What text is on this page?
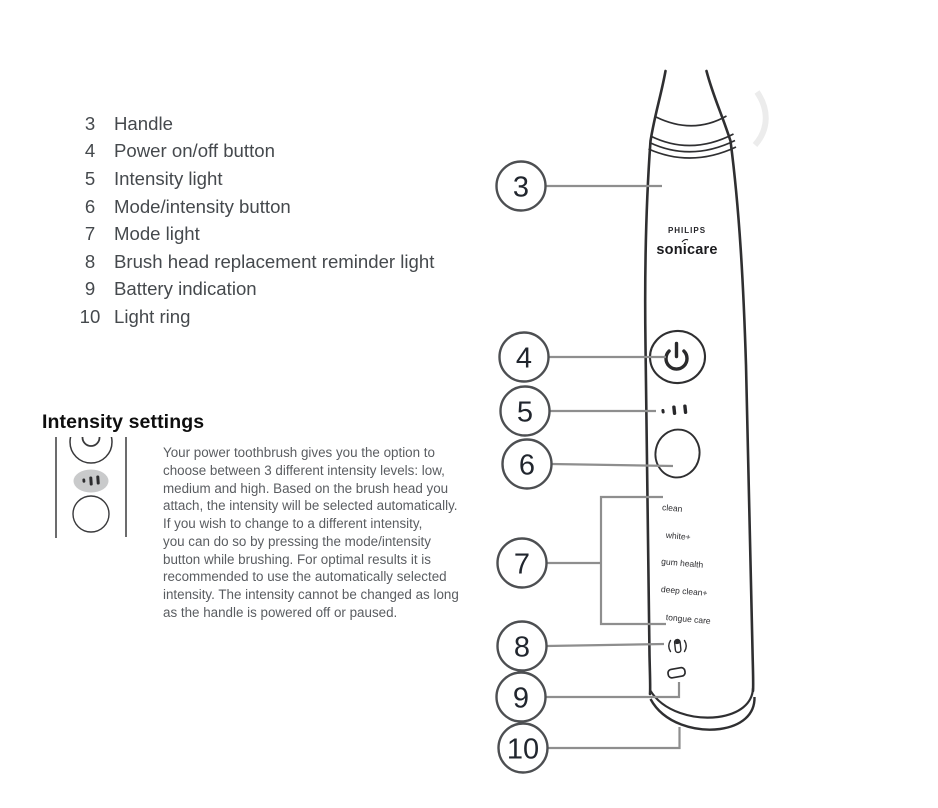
3	Handle
4	Power on/off button
5	Intensity light
6	Mode/intensity button
7	Mode light
8	Brush head replacement reminder light
9	Battery indication
10 Light ring
Intensity settings
Your power toothbrush gives you the option to
choose between 3 different intensity levels: low,
medium and high. Based on the brush head you
attach, the intensity will be selected automatically.
If you wish to change to a different intensity,
you can do so by pressing the mode/intensity
button while brushing. For optimal results it is
recommended to use the automatically selected
intensity. The intensity cannot be changed as long
as the handle is powered off or paused.
PHILIPS
sonicare
clean
white+
gum health
deep clean+
tongue care
3
4
5
6
7
8
9
10
